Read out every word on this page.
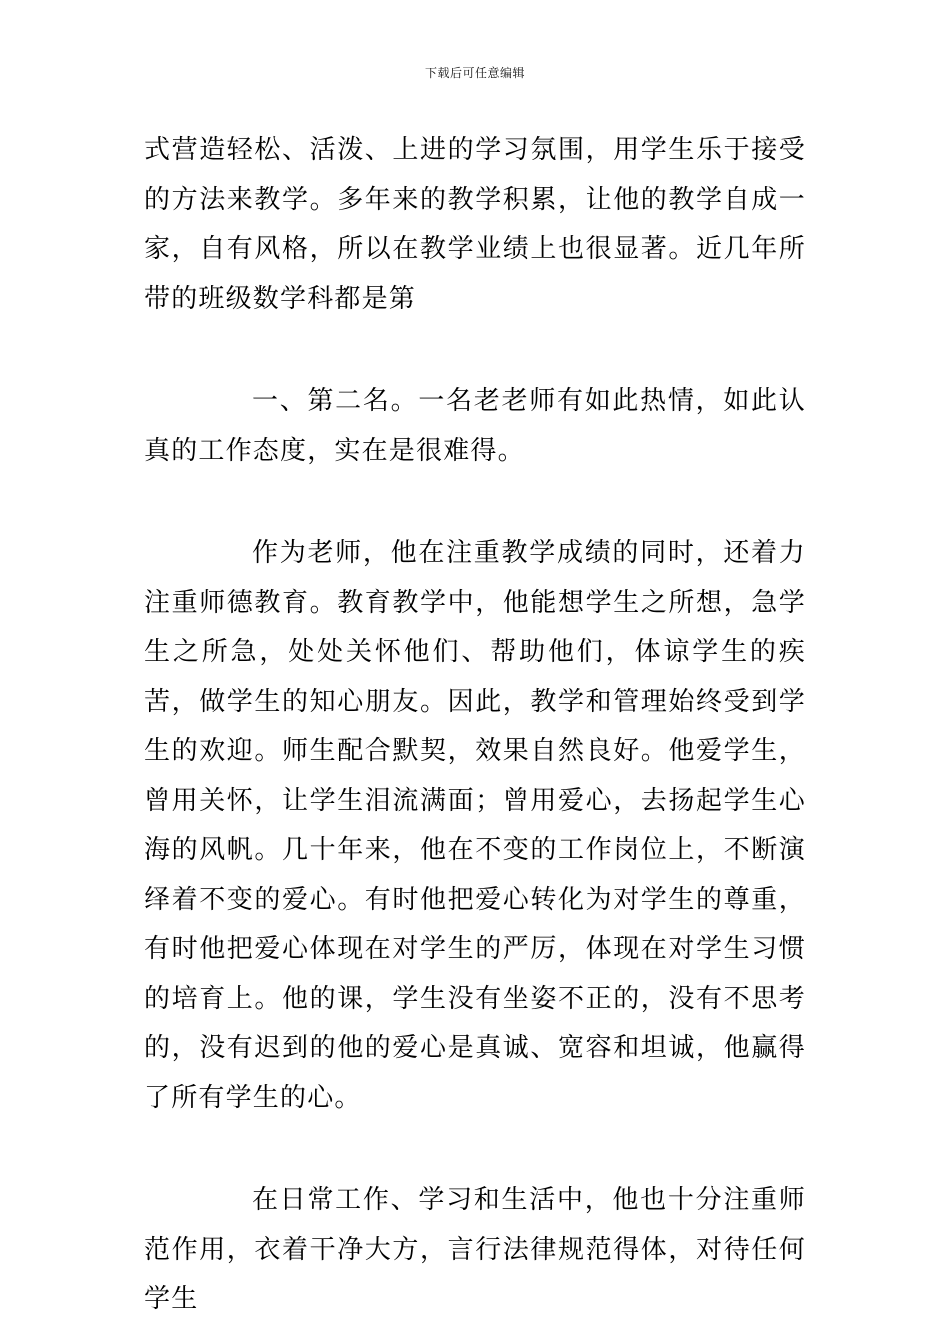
下载后可任意编辑

式营造轻松、活泼、上进的学习氛围，用学生乐于接受的方法来教学。多年来的教学积累，让他的教学自成一家，自有风格，所以在教学业绩上也很显著。近几年所带的班级数学科都是第

一、第二名。一名老老师有如此热情，如此认真的工作态度，实在是很难得。

作为老师，他在注重教学成绩的同时，还着力注重师德教育。教育教学中，他能想学生之所想，急学生之所急，处处关怀他们、帮助他们，体谅学生的疾苦，做学生的知心朋友。因此，教学和管理始终受到学生的欢迎。师生配合默契，效果自然良好。他爱学生，曾用关怀，让学生泪流满面；曾用爱心，去扬起学生心海的风帆。几十年来，他在不变的工作岗位上，不断演绎着不变的爱心。有时他把爱心转化为对学生的尊重，有时他把爱心体现在对学生的严厉，体现在对学生习惯的培育上。他的课，学生没有坐姿不正的，没有不思考的，没有迟到的他的爱心是真诚、宽容和坦诚，他赢得了所有学生的心。

在日常工作、学习和生活中，他也十分注重师范作用，衣着干净大方，言行法律规范得体，对待任何学生
